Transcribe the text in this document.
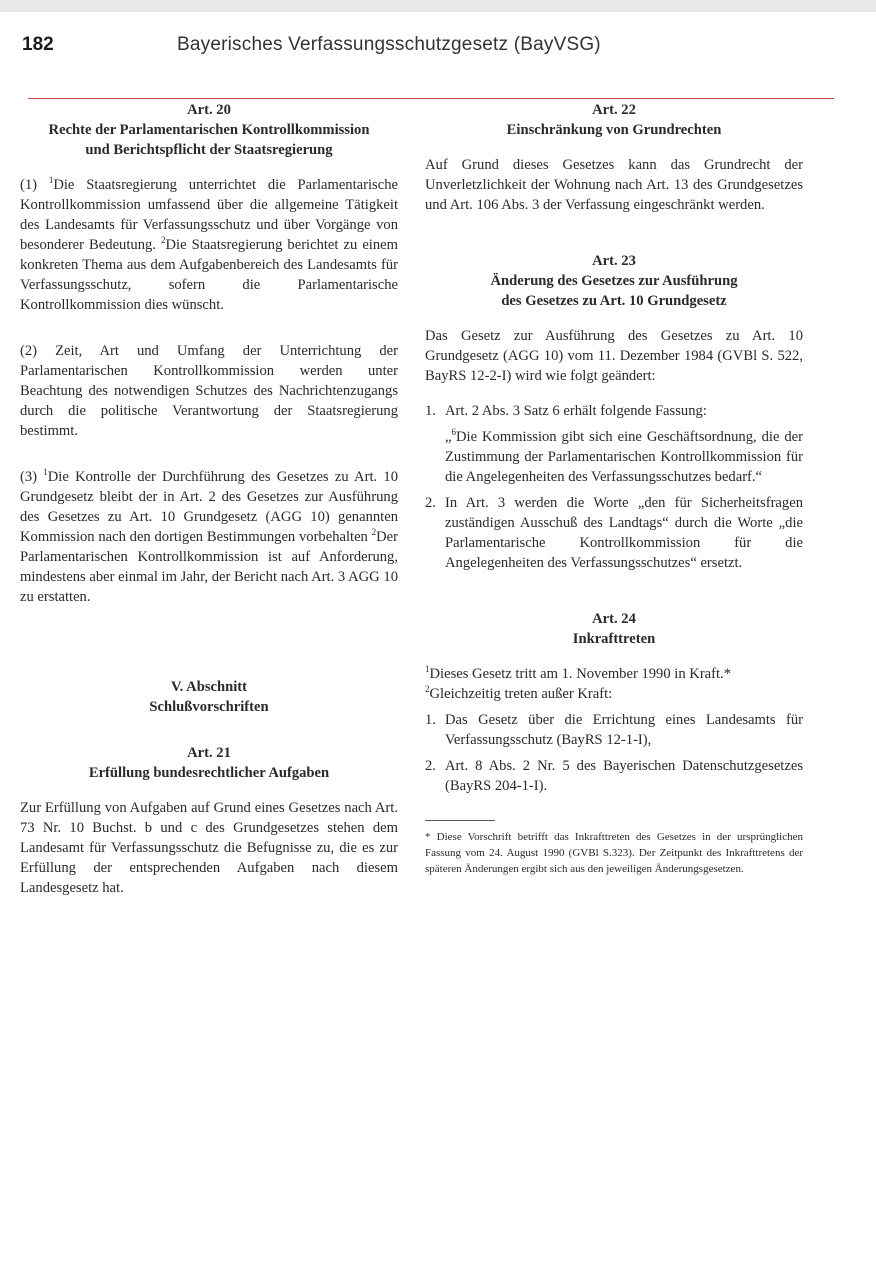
182	Bayerisches Verfassungsschutzgesetz (BayVSG)

Art. 20

Rechte der Parlamentarischen Kontrollkommission

und Berichtspflicht der Staatsregierung

(1) $^1$Die Staatsregierung unterrichtet die Parlamentarische Kontrollkommission umfassend über die allgemeine Tätigkeit des Landesamts für Verfassungsschutz und über Vorgänge von besonderer Bedeutung. $^2$Die Staatsregierung berichtet zu einem konkreten Thema aus dem Aufgabenbereich des Landesamts für Verfassungsschutz, sofern die Parlamentarische Kontrollkommission dies wünscht.

(2) Zeit, Art und Umfang der Unterrichtung der Parlamentarischen Kontrollkommission werden unter Beachtung des notwendigen Schutzes des Nachrichtenzugangs durch die politische Verantwortung der Staatsregierung bestimmt.

(3) $^1$Die Kontrolle der Durchführung des Gesetzes zu Art. 10 Grundgesetz bleibt der in Art. 2 des Gesetzes zur Ausführung des Gesetzes zu Art. 10 Grundgesetz (AGG 10) genannten Kommission nach den dortigen Bestimmungen vorbehalten $^2$Der Parlamentarischen Kontrollkommission ist auf Anforderung, mindestens aber einmal im Jahr, der Bericht nach Art. 3 AGG 10 zu erstatten.

V. Abschnitt

Schlußvorschriften

Art. 21

Erfüllung bundesrechtlicher Aufgaben

Zur Erfüllung von Aufgaben auf Grund eines Gesetzes nach Art. 73 Nr. 10 Buchst. b und c des Grundgesetzes stehen dem Landesamt für Verfassungsschutz die Befugnisse zu, die es zur Erfüllung der entsprechenden Aufgaben nach diesem Landesgesetz hat.

Art. 22

Einschränkung von Grundrechten

Auf Grund dieses Gesetzes kann das Grundrecht der Unverletzlichkeit der Wohnung nach Art. 13 des Grundgesetzes und Art. 106 Abs. 3 der Verfassung eingeschränkt werden.

Art. 23

Änderung des Gesetzes zur Ausführung

des Gesetzes zu Art. 10 Grundgesetz

Das Gesetz zur Ausführung des Gesetzes zu Art. 10 Grundgesetz (AGG 10) vom 11. Dezember 1984 (GVBl S. 522, BayRS 12-2-I) wird wie folgt geändert:

1. Art. 2 Abs. 3 Satz 6 erhält folgende Fassung:
„$^6$Die Kommission gibt sich eine Geschäftsordnung, die der Zustimmung der Parlamentarischen Kontrollkommission für die Angelegenheiten des Verfassungsschutzes bedarf.“
2. In Art. 3 werden die Worte „den für Sicherheitsfragen zuständigen Ausschuß des Landtags“ durch die Worte „die Parlamentarische Kontrollkommission für die Angelegenheiten des Verfassungsschutzes“ ersetzt.

Art. 24

Inkrafttreten

$^1$Dieses Gesetz tritt am 1. November 1990 in Kraft.*
$^2$Gleichzeitig treten außer Kraft:

1. Das Gesetz über die Errichtung eines Landesamts für Verfassungsschutz (BayRS 12-1-I),
2. Art. 8 Abs. 2 Nr. 5 des Bayerischen Datenschutzgesetzes (BayRS 204-1-I).

* Diese Vorschrift betrifft das Inkrafttreten des Gesetzes in der ursprünglichen Fassung vom 24. August 1990 (GVBl S.323). Der Zeitpunkt des Inkrafttretens der späteren Änderungen ergibt sich aus den jeweiligen Änderungsgesetzen.
